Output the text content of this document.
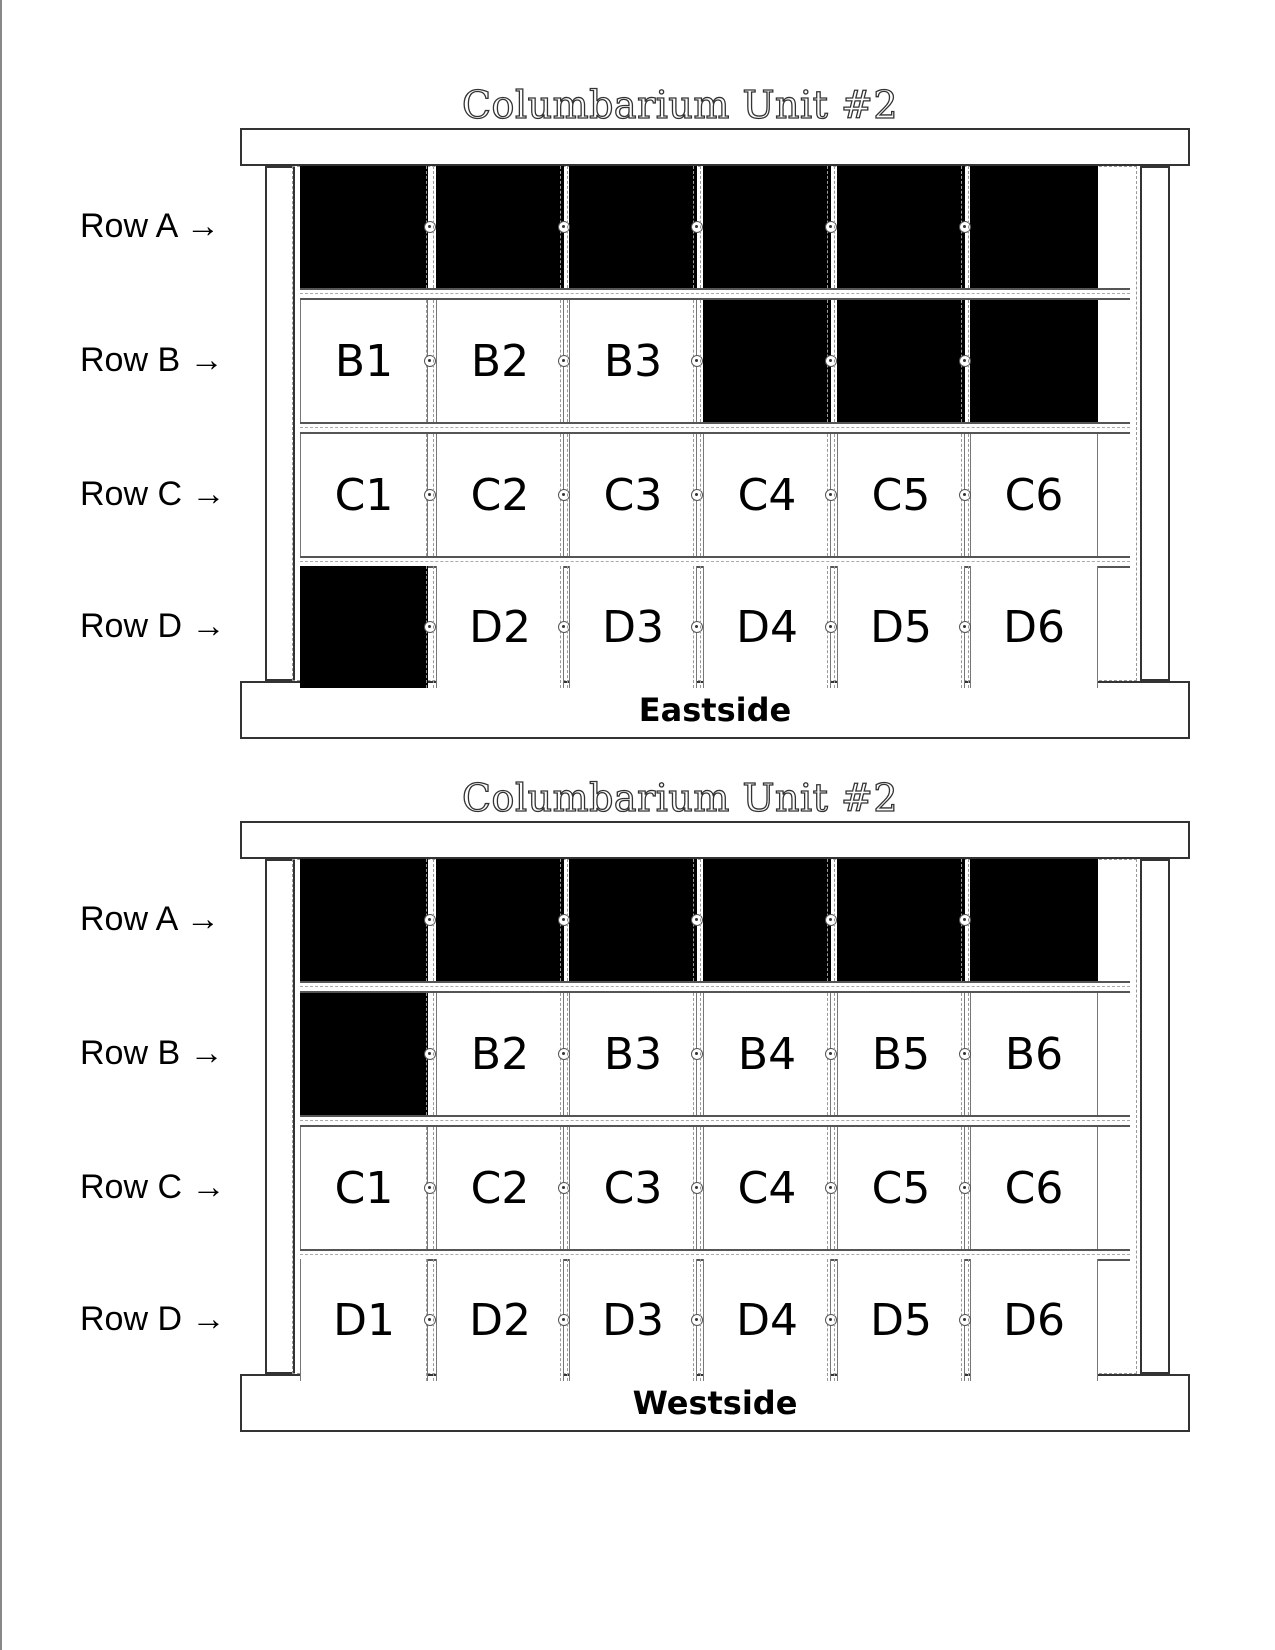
Columbarium Unit #2
Eastside
Row A →
Row B →
Row C →
Row D →
B1 B2 B3
C1 C2 C3 C4 C5 C6
D2 D3 D4 D5 D6
Columbarium Unit #2
Westside
Row A →
Row B →
Row C →
Row D →
B2 B3 B4 B5 B6
C1 C2 C3 C4 C5 C6
D1 D2 D3 D4 D5 D6
